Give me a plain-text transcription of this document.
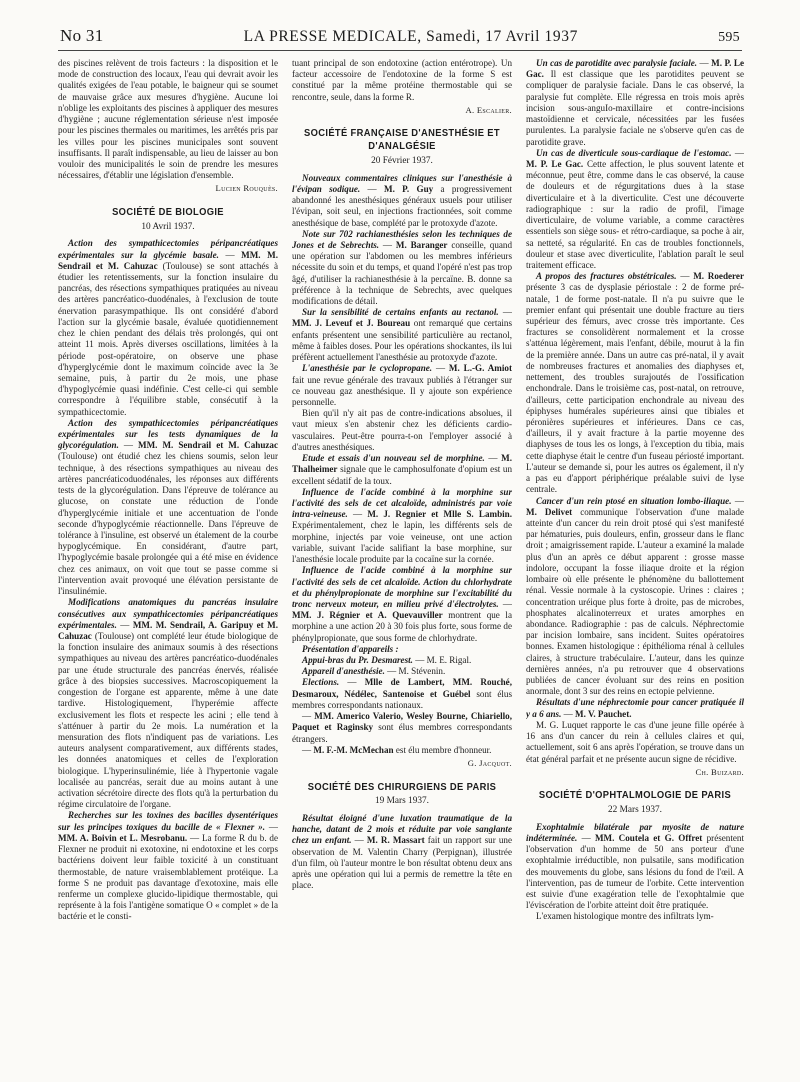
No 31	LA PRESSE MEDICALE, Samedi, 17 Avril 1937	595

des piscines relèvent de trois facteurs : la disposition et le mode de construction des locaux, l'eau qui devrait avoir les qualités exigées de l'eau potable, le baigneur qui se soumet de mauvaise grâce aux mesures d'hygiène. Aucune loi n'oblige les exploitants des piscines à appliquer des mesures d'hygiène ; aucune réglementation sérieuse n'est imposée pour les piscines thermales ou maritimes, les arrêtés pris par les villes pour les piscines municipales sont souvent insuffisants. Il paraît indispensable, au lieu de laisser au bon vouloir des municipalités le soin de prendre les mesures nécessaires, d'établir une législation d'ensemble.

Lucien Rouquès.
SOCIÉTÉ DE BIOLOGIE
10 Avril 1937.

Action des sympathicectomies péripancréatiques expérimentales sur la glycémie basale. — MM. M. Sendrail et M. Cahuzac (Toulouse) se sont attachés à étudier les retentissements, sur la fonction insulaire du pancréas, des résections sympathiques pratiquées au niveau des artères pancréatico-duodénales, à l'exclusion de toute énervation parasympathique. Ils ont considéré d'abord l'action sur la glycémie basale, évaluée quotidiennement chez le chien pendant des délais très prolongés, qui ont atteint 11 mois. Après diverses oscillations, limitées à la période post-opératoire, on observe une phase d'hyperglycémie dont le maximum coïncide avec la 3e semaine, puis, à partir du 2e mois, une phase d'hypoglycémie quasi indéfinie. C'est celle-ci qui semble correspondre à l'équilibre stable, consécutif à la sympathicectomie.

Action des sympathicectomies péripancréatiques expérimentales sur les tests dynamiques de la glycorégulation. — MM. M. Sendrail et M. Cahuzac (Toulouse) ont étudié chez les chiens soumis, selon leur technique, à des résections sympathiques au niveau des artères pancréaticoduodénales, les réponses aux différents tests de la glycorégulation. Dans l'épreuve de tolérance au glucose, on constate une réduction de l'onde d'hyperglycémie initiale et une accentuation de l'onde seconde d'hypoglycémie réactionnelle. Dans l'épreuve de tolérance à l'insuline, est observé un étalement de la courbe hypoglycémique. En considérant, d'autre part, l'hypoglycémie basale prolongée qui a été mise en évidence chez ces animaux, on voit que tout se passe comme si l'intervention avait provoqué une élévation persistante de l'insulinémie.

Modifications anatomiques du pancréas insulaire consécutives aux sympathicectomies péripancréatiques expérimentales. — MM. M. Sendrail, A. Garipuy et M. Cahuzac (Toulouse) ont complété leur étude biologique de la fonction insulaire des animaux soumis à des résections sympathiques au niveau des artères pancréatico-duodénales par une étude structurale des pancréas énervés, réalisée grâce à des biopsies successives. Macroscopiquement la congestion de l'organe est apparente, même à une date tardive. Histologiquement, l'hyperémie affecte exclusivement les flots et respecte les acini ; elle tend à s'atténuer à partir du 2e mois. La numération et la mensuration des flots n'indiquent pas de variations. Les auteurs analysent comparativement, aux différents stades, les données anatomiques et celles de l'exploration biologique. L'hyperinsulinémie, liée à l'hypertonie vagale localisée au pancréas, serait due au moins autant à une activation sécrétoire directe des flots qu'à la perturbation du régime circulatoire de l'organe.

Recherches sur les toxines des bacilles dysentériques sur les principes toxiques du bacille de « Flexner ». — MM. A. Boivin et L. Mesrobanu. — La forme R du b. de Flexner ne produit ni exotoxine, ni endotoxine et les corps bactériens doivent leur faible toxicité à un constituant thermostable, de nature vraisemblablement protéique. La forme S ne produit pas davantage d'exotoxine, mais elle renferme un complexe glucido-lipidique thermostable, qui représente à la fois l'antigène somatique O « complet » de la bactérie et le consti-

tuant principal de son endotoxine (action entérotrope). Un facteur accessoire de l'endotoxine de la forme S est constitué par la même protéine thermostable qui se rencontre, seule, dans la forme R.

A. Escalier.
SOCIÉTÉ FRANÇAISE D'ANESTHÉSIE ET D'ANALGÉSIE
20 Février 1937.

Nouveaux commentaires cliniques sur l'anesthésie à l'évipan sodique. — M. P. Guy a progressivement abandonné les anesthésiques généraux usuels pour utiliser l'évipan, soit seul, en injections fractionnées, soit comme anesthésique de base, complété par le protoxyde d'azote.

Note sur 702 rachianesthésies selon les techniques de Jones et de Sebrechts. — M. Baranger conseille, quand une opération sur l'abdomen ou les membres inférieurs nécessite du soin et du temps, et quand l'opéré n'est pas trop âgé, d'utiliser la rachianesthésie à la percaïne. B. donne sa préférence à la technique de Sebrechts, avec quelques modifications de détail.

Sur la sensibilité de certains enfants au rectanol. — MM. J. Leveuf et J. Boureau ont remarqué que certains enfants présentent une sensibilité particulière au rectanol, même à faibles doses. Pour les opérations shockantes, ils lui préfèrent actuellement l'anesthésie au protoxyde d'azote.

L'anesthésie par le cyclopropane. — M. L.-G. Amiot fait une revue générale des travaux publiés à l'étranger sur ce nouveau gaz anesthésique. Il y ajoute son expérience personnelle.

Bien qu'il n'y ait pas de contre-indications absolues, il vaut mieux s'en abstenir chez les déficients cardio-vasculaires. Peut-être pourra-t-on l'employer associé à d'autres anesthésiques.

Etude et essais d'un nouveau sel de morphine. — M. Thalheimer signale que le camphosulfonate d'opium est un excellent sédatif de la toux.

Influence de l'acide combiné à la morphine sur l'activité des sels de cet alcaloïde, administrés par voie intra-veineuse. — M. J. Regnier et Mlle S. Lambin. Expérimentalement, chez le lapin, les différents sels de morphine, injectés par voie veineuse, ont une action variable, suivant l'acide salifiant la base morphine, sur l'anesthésie locale produite par la cocaïne sur la cornée.

Influence de l'acide combiné à la morphine sur l'activité des sels de cet alcaloïde. Action du chlorhydrate et du phénylpropionate de morphine sur l'excitabilité du tronc nerveux moteur, en milieu privé d'électrolytes. — MM. J. Régnier et A. Quevauviller montrent que la morphine a une action 20 à 30 fois plus forte, sous forme de phénylpropionate, que sous forme de chlorhydrate.

Présentation d'appareils :

Appui-bras du Pr. Desmarest. — M. E. Rigal.

Appareil d'anesthésie. — M. Stévenin.

Elections. — Mlle de Lambert, MM. Rouché, Desmaroux, Nédélec, Santenoise et Guébel sont élus membres correspondants nationaux.

— MM. Americo Valerio, Wesley Bourne, Chiariello, Paquet et Raginsky sont élus membres correspondants étrangers.

— M. F.-M. McMechan est élu membre d'honneur.

G. Jacquot.
SOCIÉTÉ DES CHIRURGIENS DE PARIS
19 Mars 1937.

Résultat éloigné d'une luxation traumatique de la hanche, datant de 2 mois et réduite par voie sanglante chez un enfant. — M. R. Massart fait un rapport sur une observation de M. Valentin Charry (Perpignan), illustrée d'un film, où l'auteur montre le bon résultat obtenu deux ans après une opération qui lui a permis de remettre la tête en place.

Un cas de parotidite avec paralysie faciale. — M. P. Le Gac. Il est classique que les parotidites peuvent se compliquer de paralysie faciale. Dans le cas observé, la paralysie fut complète. Elle régressa en trois mois après incision sous-anguIo-maxillaire et contre-incisions mastoïdienne et cervicale, nécessitées par les fusées purulentes. La paralysie faciale ne s'observe qu'en cas de parotidite grave.

Un cas de diverticule sous-cardiaque de l'estomac. — M. P. Le Gac. Cette affection, le plus souvent latente et méconnue, peut être, comme dans le cas observé, la cause de douleurs et de régurgitations dues à la stase diverticulaire et à la diverticulite. C'est une découverte radiographique : sur la radio de profil, l'image diverticulaire, de volume variable, a comme caractères essentiels son siège sous- et rétro-cardiaque, sa poche à air, sa netteté, sa régularité. En cas de troubles fonctionnels, douleur et stase avec diverticulite, l'ablation paraît le seul traitement efficace.

A propos des fractures obstétricales. — M. Roederer présente 3 cas de dysplasie périostale : 2 de forme pré-natale, 1 de forme post-natale. Il n'a pu suivre que le premier enfant qui présentait une double fracture au tiers supérieur des fémurs, avec crosse très importante. Ces fractures se consolidèrent normalement et la crosse s'atténua légèrement, mais l'enfant, débile, mourut à la fin de la première année. Dans un autre cas pré-natal, il y avait de nombreuses fractures et anomalies des diaphyses et, nettement, des troubles surajoutés de l'ossification enchondrale. Dans le troisième cas, post-natal, on retrouve, d'ailleurs, cette participation enchondrale au niveau des épiphyses humérales supérieures ainsi que tibiales et péronières supérieures et inférieures. Dans ce cas, d'ailleurs, il y avait fracture à la partie moyenne des diaphyses de tous les os longs, à l'exception du tibia, mais cette diaphyse était le centre d'un fuseau périosté important. L'auteur se demande si, pour les autres os également, il n'y a pas eu d'apport périphérique préalable suivi de lyse centrale.

Cancer d'un rein ptosé en situation lombo-iliaque. — M. Delivet communique l'observation d'une malade atteinte d'un cancer du rein droit ptosé qui s'est manifesté par hématuries, puis douleurs, enfin, grosseur dans le flanc droit ; amaigrissement rapide. L'auteur a examiné la malade plus d'un an après ce début apparent : grosse masse indolore, occupant la fosse iliaque droite et la région lombaire où elle présente le phénomène du ballottement rénal. Vessie normale à la cystoscopie. Urines : claires ; concentration uréique plus forte à droite, pas de microbes, phosphates alcalinoterreux et urates amorphes en abondance. Radiographie : pas de calculs. Néphrectomie par incision lombaire, sans incident. Suites opératoires bonnes. Examen histologique : épithélioma rénal à cellules claires, à structure trabéculaire. L'auteur, dans les quinze dernières années, n'a pu retrouver que 4 observations publiées de cancer évoluant sur des reins en position anormale, dont 3 sur des reins en ectopie pelvienne.

Résultats d'une néphrectomie pour cancer pratiquée il y a 6 ans. — M. V. Pauchet.

M. G. Luquet rapporte le cas d'une jeune fille opérée à 16 ans d'un cancer du rein à cellules claires et qui, actuellement, soit 6 ans après l'opération, se trouve dans un état général parfait et ne présente aucun signe de récidive.

Ch. Buizard.
SOCIÉTÉ D'OPHTALMOLOGIE DE PARIS
22 Mars 1937.

Exophtalmie bilatérale par myosite de nature indéterminée. — MM. Coutela et G. Offret présentent l'observation d'un homme de 50 ans porteur d'une exophtalmie irréductible, non pulsatile, sans modification des mouvements du globe, sans lésions du fond de l'œil. A l'intervention, pas de tumeur de l'orbite. Cette intervention est suivie d'une exagération telle de l'exophtalmie que l'éviscération de l'orbite atteint doit être pratiquée.

L'examen histologique montre des infiltrats lym-
